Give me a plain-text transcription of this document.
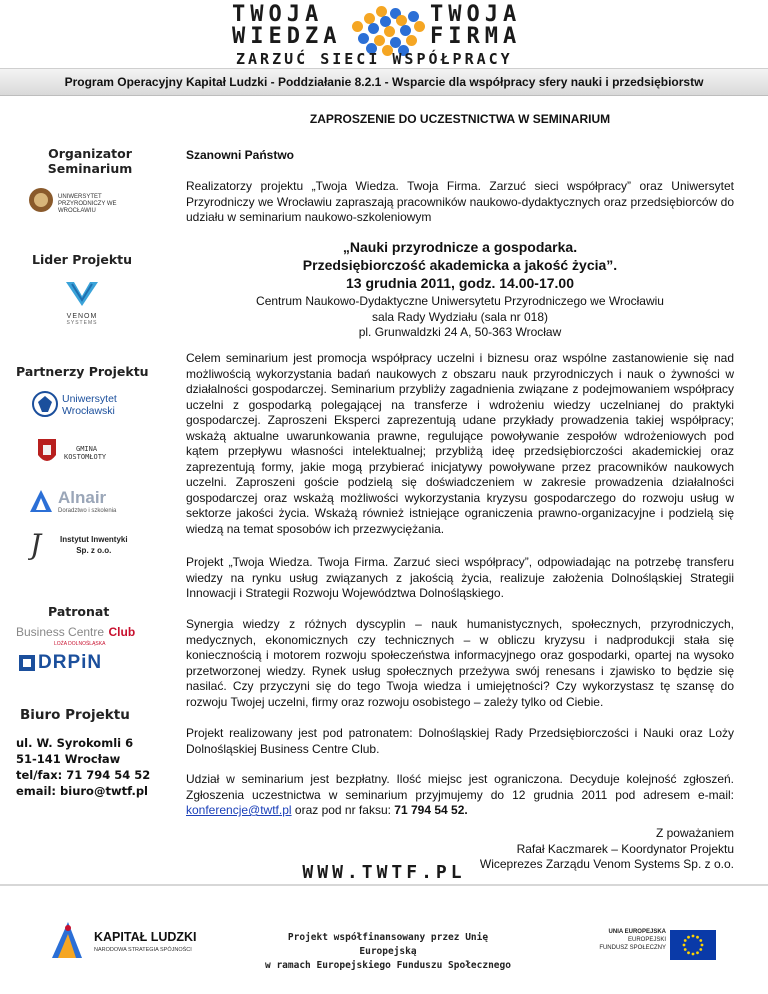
TWOJA
WIEDZA
TWOJA
FIRMA
ZARZUĆ SIECI WSPÓŁPRACY
Program Operacyjny Kapitał Ludzki - Poddziałanie 8.2.1 - Wsparcie dla współpracy sfery nauki i przedsiębiorstw
Organizator Seminarium
UNIWERSYTET PRZYRODNICZY WE WROCŁAWIU
Lider Projektu
VENOM
SYSTEMS
Partnerzy Projektu
Uniwersytet
Wrocławski
GMINA
KOSTOMŁOTY
Alnair
Doradztwo i szkolenia
J Instytut Inwentyki
Sp. z o.o.
Patronat
Business Centre Club
LOŻA DOLNOŚLĄSKA
DRPiN
Biuro Projektu
ul. W. Syrokomli 6
51-141 Wrocław
tel/fax: 71 794 54 52
email: biuro@twtf.pl
ZAPROSZENIE DO UCZESTNICTWA W SEMINARIUM
Szanowni Państwo
Realizatorzy projektu „Twoja Wiedza. Twoja Firma. Zarzuć sieci współpracy” oraz Uniwersytet Przyrodniczy we Wrocławiu zapraszają pracowników naukowo-dydaktycznych oraz przedsiębiorców do udziału w seminarium naukowo-szkoleniowym
„Nauki przyrodnicze a gospodarka.
Przedsiębiorczość akademicka a jakość życia”.
13 grudnia 2011, godz. 14.00-17.00
Centrum Naukowo-Dydaktyczne Uniwersytetu Przyrodniczego we Wrocławiu
sala Rady Wydziału (sala nr 018)
pl. Grunwaldzki 24 A, 50-363 Wrocław
Celem seminarium jest promocja współpracy uczelni i biznesu oraz wspólne zastanowienie się nad możliwością wykorzystania badań naukowych z obszaru nauk przyrodniczych i nauk o żywności w działalności gospodarczej. Seminarium przybliży zagadnienia związane z podejmowaniem współpracy uczelni z gospodarką polegającej na transferze i wdrożeniu wiedzy uczelnianej do praktyki gospodarczej. Zaproszeni Eksperci zaprezentują udane przykłady prowadzenia takiej współpracy; wskażą aktualne uwarunkowania prawne, regulujące powoływanie zespołów wdrożeniowych pod kątem przepływu własności intelektualnej; przybliżą ideę przedsiębiorczości akademickiej oraz zaprezentują formy, jakie mogą przybierać inicjatywy powoływane przez pracowników naukowych uczelni. Zaproszeni goście podzielą się doświadczeniem w zakresie prowadzenia działalności gospodarczej oraz wskażą możliwości wykorzystania kryzysu gospodarczego do rozwoju usług w sektorze jakości życia. Wskażą również istniejące ograniczenia prawno-organizacyjne i podzielą się wiedzą na temat sposobów ich przezwyciężania.
Projekt „Twoja Wiedza. Twoja Firma. Zarzuć sieci współpracy”, odpowiadając na potrzebę transferu wiedzy na rynku usług związanych z jakością życia, realizuje założenia Dolnośląskiej Strategii Innowacji i Strategii Rozwoju Województwa Dolnośląskiego.
Synergia wiedzy z różnych dyscyplin – nauk humanistycznych, społecznych, przyrodniczych, medycznych, ekonomicznych czy technicznych – w obliczu kryzysu i nadprodukcji stała się koniecznością i motorem rozwoju społeczeństwa informacyjnego oraz gospodarki, opartej na wysoko przetworzonej wiedzy. Rynek usług społecznych przeżywa swój renesans i zjawisko to będzie się nasilać. Czy przyczyni się do tego Twoja wiedza i umiejętności? Czy wykorzystasz tę szansę do rozwoju Twojej uczelni, firmy oraz rozwoju osobistego – zależy tylko od Ciebie.
Projekt realizowany jest pod patronatem: Dolnośląskiej Rady Przedsiębiorczości i Nauki oraz Loży Dolnośląskiej Business Centre Club.
Udział w seminarium jest bezpłatny. Ilość miejsc jest ograniczona. Decyduje kolejność zgłoszeń. Zgłoszenia uczestnictwa w seminarium przyjmujemy do 12 grudnia 2011 pod adresem e-mail: konferencje@twtf.pl oraz pod nr faksu: 71 794 54 52.
Z poważaniem
Rafał Kaczmarek – Koordynator Projektu
Wiceprezes Zarządu Venom Systems Sp. z o.o.
WWW.TWTF.PL
KAPITAŁ LUDZKI
NARODOWA STRATEGIA SPÓJNOŚCI
Projekt współfinansowany przez Unię Europejską
w ramach Europejskiego Funduszu Społecznego
UNIA EUROPEJSKA
EUROPEJSKI
FUNDUSZ SPOŁECZNY
